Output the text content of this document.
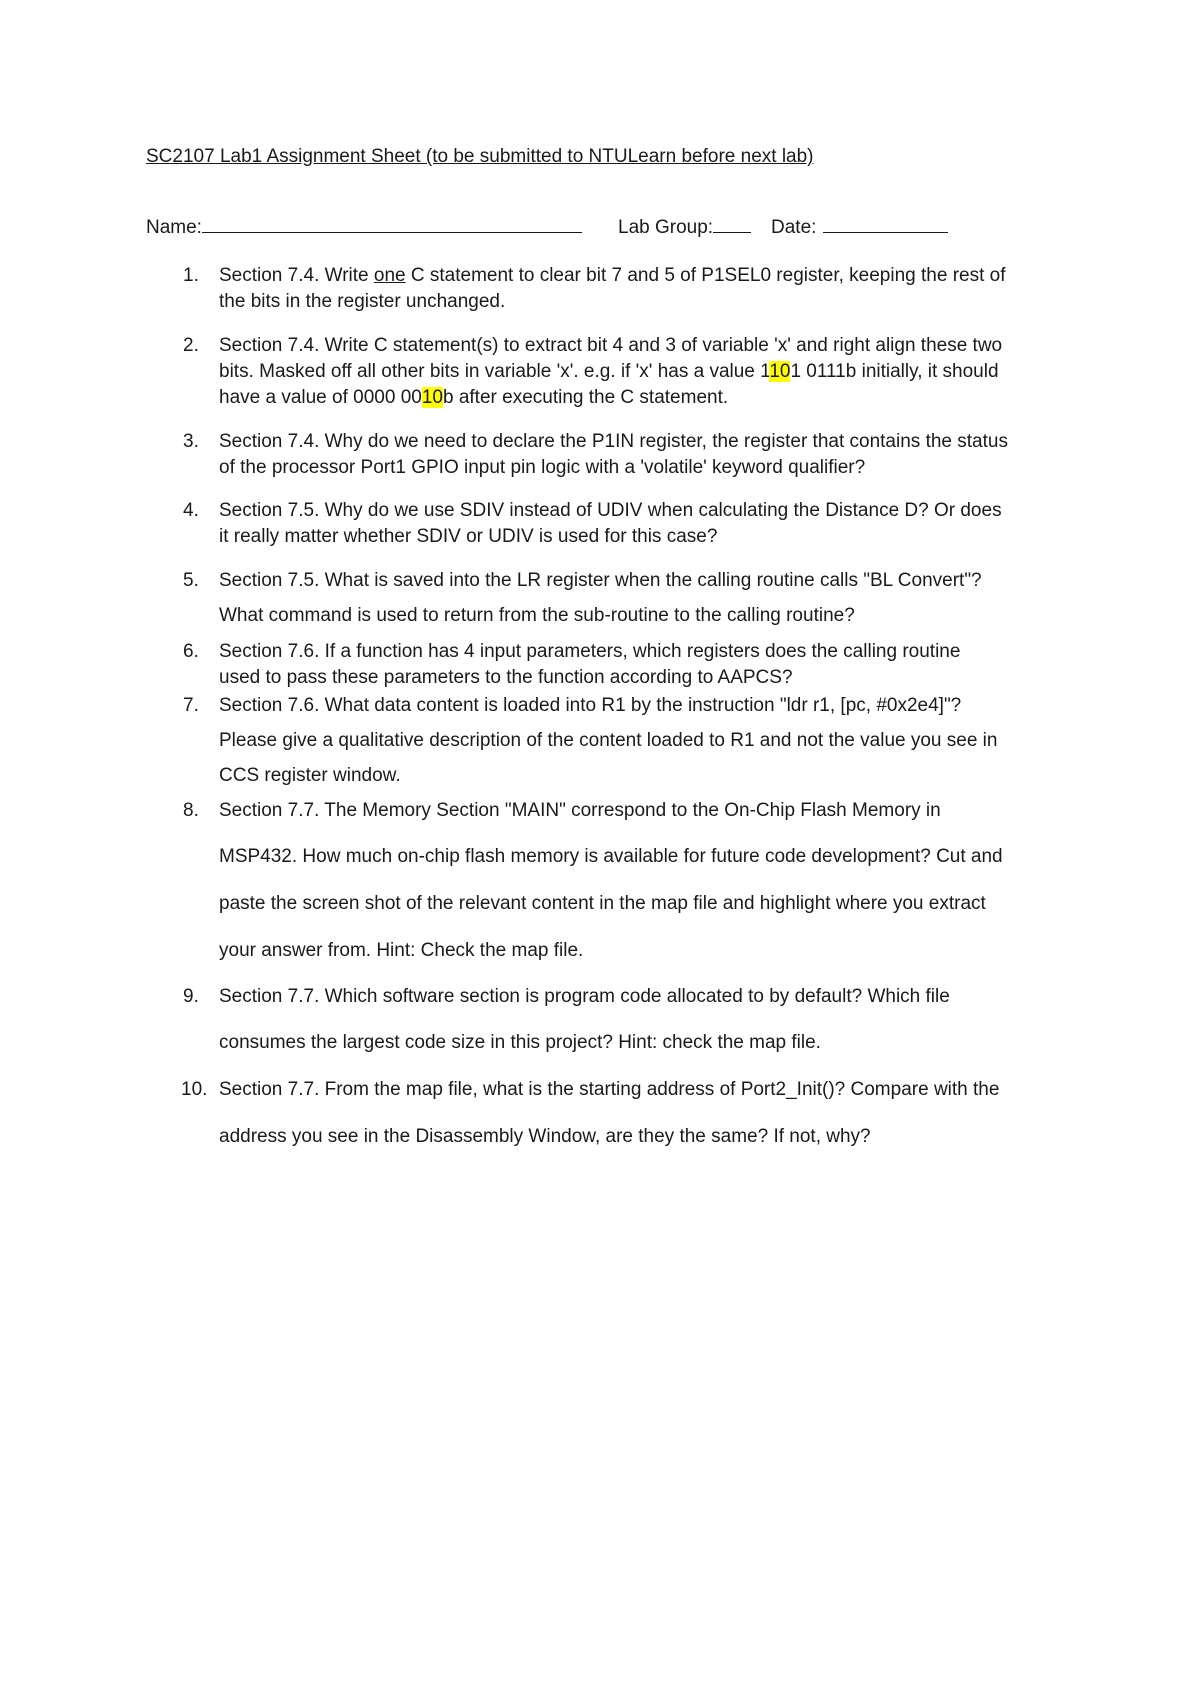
SC2107 Lab1 Assignment Sheet (to be submitted to NTULearn before next lab)
Name:	Lab Group:	Date:
1. Section 7.4. Write one C statement to clear bit 7 and 5 of P1SEL0 register, keeping the rest of
the bits in the register unchanged.
2. Section 7.4. Write C statement(s) to extract bit 4 and 3 of variable 'x' and right align these two
bits. Masked off all other bits in variable 'x'. e.g. if 'x' has a value 1101 0111b initially, it should
have a value of 0000 0010b after executing the C statement.
3. Section 7.4. Why do we need to declare the P1IN register, the register that contains the status
of the processor Port1 GPIO input pin logic with a 'volatile' keyword qualifier?
4. Section 7.5. Why do we use SDIV instead of UDIV when calculating the Distance D? Or does
it really matter whether SDIV or UDIV is used for this case?
5. Section 7.5. What is saved into the LR register when the calling routine calls "BL Convert"?
What command is used to return from the sub-routine to the calling routine?
6. Section 7.6. If a function has 4 input parameters, which registers does the calling routine
used to pass these parameters to the function according to AAPCS?
7. Section 7.6. What data content is loaded into R1 by the instruction "ldr r1, [pc, #0x2e4]"?
Please give a qualitative description of the content loaded to R1 and not the value you see in
CCS register window.
8. Section 7.7. The Memory Section "MAIN" correspond to the On-Chip Flash Memory in
MSP432. How much on-chip flash memory is available for future code development? Cut and
paste the screen shot of the relevant content in the map file and highlight where you extract
your answer from. Hint: Check the map file.
9. Section 7.7. Which software section is program code allocated to by default? Which file
consumes the largest code size in this project? Hint: check the map file.
10. Section 7.7. From the map file, what is the starting address of Port2_Init()? Compare with the
address you see in the Disassembly Window, are they the same? If not, why?
